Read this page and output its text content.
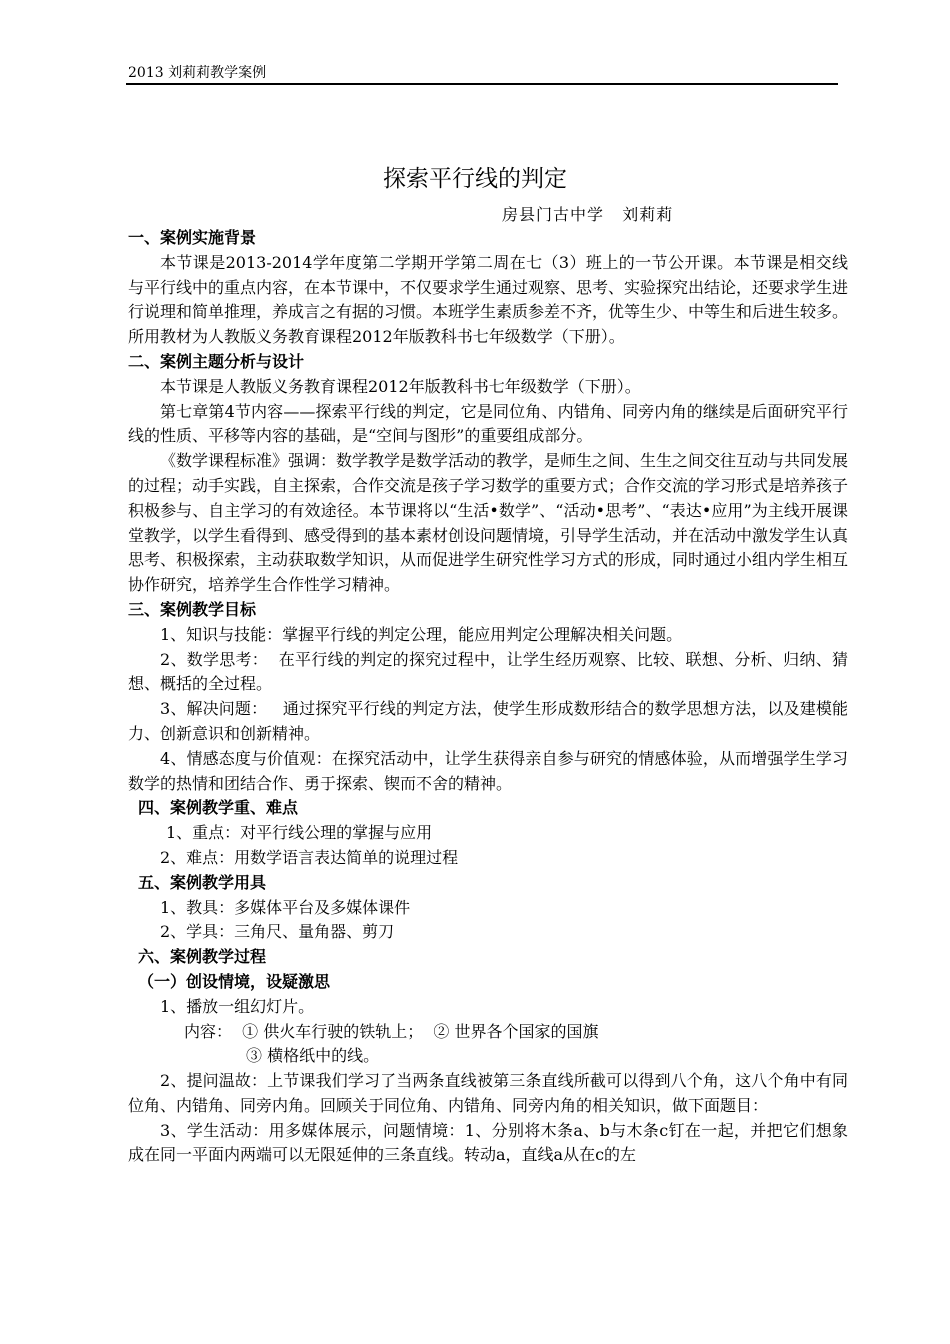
2013 刘莉莉教学案例
探索平行线的判定
房县门古中学   刘莉莉

一、案例实施背景

本节课是2013-2014学年度第二学期开学第二周在七（3）班上的一节公开课。本节课是相交线与平行线中的重点内容，在本节课中，不仅要求学生通过观察、思考、实验探究出结论，还要求学生进行说理和简单推理，养成言之有据的习惯。本班学生素质参差不齐，优等生少、中等生和后进生较多。所用教材为人教版义务教育课程2012年版教科书七年级数学（下册）。

二、案例主题分析与设计

本节课是人教版义务教育课程2012年版教科书七年级数学（下册）。

第七章第4节内容——探索平行线的判定，它是同位角、内错角、同旁内角的继续是后面研究平行线的性质、平移等内容的基础，是“空间与图形”的重要组成部分。

《数学课程标准》强调：数学教学是数学活动的教学，是师生之间、生生之间交往互动与共同发展的过程；动手实践，自主探索，合作交流是孩子学习数学的重要方式；合作交流的学习形式是培养孩子积极参与、自主学习的有效途径。本节课将以“生活•数学”、“活动•思考”、“表达•应用”为主线开展课堂教学，以学生看得到、感受得到的基本素材创设问题情境，引导学生活动，并在活动中激发学生认真思考、积极探索，主动获取数学知识，从而促进学生研究性学习方式的形成，同时通过小组内学生相互协作研究，培养学生合作性学习精神。

三、案例教学目标

1、知识与技能：掌握平行线的判定公理，能应用判定公理解决相关问题。

2、数学思考：  在平行线的判定的探究过程中，让学生经历观察、比较、联想、分析、归纳、猜想、概括的全过程。

3、解决问题：   通过探究平行线的判定方法，使学生形成数形结合的数学思想方法，以及建模能力、创新意识和创新精神。

4、情感态度与价值观：在探究活动中，让学生获得亲自参与研究的情感体验，从而增强学生学习数学的热情和团结合作、勇于探索、锲而不舍的精神。

四、案例教学重、难点

1、重点：对平行线公理的掌握与应用

2、难点：用数学语言表达简单的说理过程

五、案例教学用具

1、教具：多媒体平台及多媒体课件

2、学具：三角尺、量角器、剪刀

六、案例教学过程

（一）创设情境，设疑激思

1、播放一组幻灯片。

内容：  ① 供火车行驶的铁轨上；  ② 世界各个国家的国旗

③ 横格纸中的线。

2、提问温故：上节课我们学习了当两条直线被第三条直线所截可以得到八个角，这八个角中有同位角、内错角、同旁内角。回顾关于同位角、内错角、同旁内角的相关知识，做下面题目：

3、学生活动：用多媒体展示，问题情境：1、分别将木条a、b与木条c钉在一起，并把它们想象成在同一平面内两端可以无限延伸的三条直线。转动a，直线a从在c的左
